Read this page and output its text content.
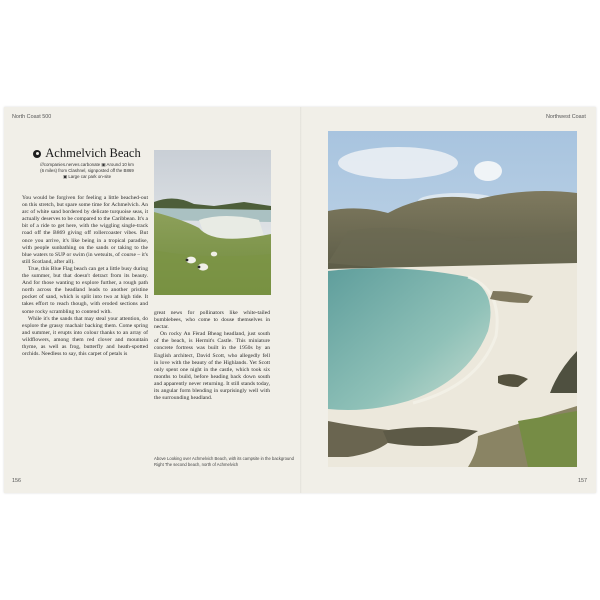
North Coast 500
156
Achmelvich Beach
///companies.nerves.carbonate ▣ Around 10 km
(6 miles) from Clashnel, signposted off the B869
▣ Large car park on-site

You would be forgiven for feeling a little beached-out on this stretch, but spare some time for Achmelvich. An arc of white sand bordered by delicate turquoise seas, it actually deserves to be compared to the Caribbean. It's a bit of a ride to get here, with the wiggling single-track road off the B869 giving off rollercoaster vibes. But once you arrive, it's like being in a tropical paradise, with people sunbathing on the sands or taking to the blue waters to SUP or swim (in wetsuits, of course – it's still Scotland, after all).

True, this Blue Flag beach can get a little busy during the summer, but that doesn't detract from its beauty. And for those wanting to explore further, a rough path north across the headland leads to another pristine pocket of sand, which is split into two at high tide. It takes effort to reach though, with eroded sections and some rocky scrambling to contend with.

While it's the sands that may steal your attention, do explore the grassy machair backing them. Come spring and summer, it erupts into colour thanks to an array of wildflowers, among them red clover and mountain thyme, as well as frog, butterfly and heath-spotted orchids. Needless to say, this carpet of petals is

great news for pollinators like white-tailed bumblebees, who come to douse themselves in nectar.

On rocky An Fèrad Bheag headland, just south of the beach, is Hermit's Castle. This miniature concrete fortress was built in the 1950s by an English architect, David Scott, who allegedly fell in love with the beauty of the Highlands. Yet Scott only spent one night in the castle, which took six months to build, before heading back down south and apparently never returning. It still stands today, its angular form blending in surprisingly well with the surrounding headland.

Above Looking over Achmelvich Beach, with its campsite in the background
Right The second beach, north of Achmelvich
Northwest Coast
157
